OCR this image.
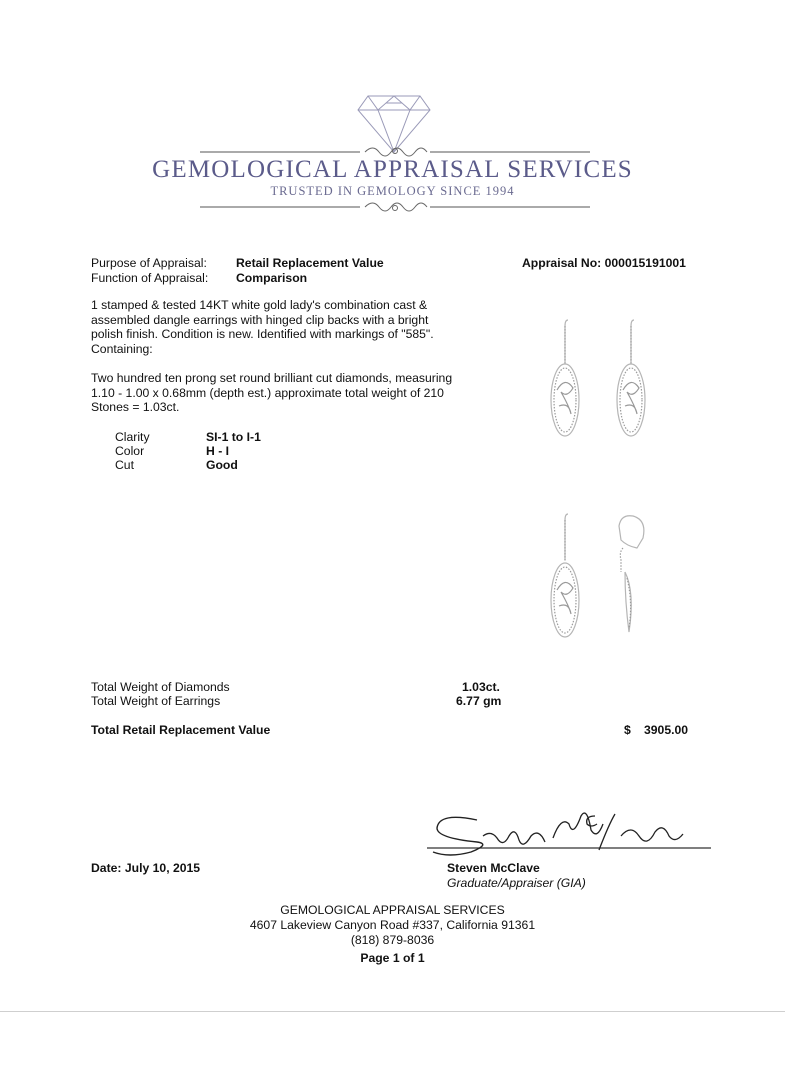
GEMOLOGICAL APPRAISAL SERVICES
TRUSTED IN GEMOLOGY SINCE 1994
Purpose of Appraisal: Retail Replacement Value
Function of Appraisal: Comparison
Appraisal No: 000015191001
1 stamped & tested 14KT white gold lady's combination cast &
assembled dangle earrings with hinged clip backs with a bright
polish finish. Condition is new. Identified with markings of "585".
Containing:
Two hundred ten prong set round brilliant cut diamonds, measuring
1.10 - 1.00 x 0.68mm (depth est.) approximate total weight of 210
Stones = 1.03ct.
Clarity	SI-1 to I-1
Color	H - I
Cut	Good
Total Weight of Diamonds	1.03ct.
Total Weight of Earrings	6.77 gm
Total Retail Replacement Value	$ 3905.00
Date: July 10, 2015	Steven McClave
Graduate/Appraiser (GIA)
GEMOLOGICAL APPRAISAL SERVICES
4607 Lakeview Canyon Road #337, California 91361
(818) 879-8036
Page 1 of 1
